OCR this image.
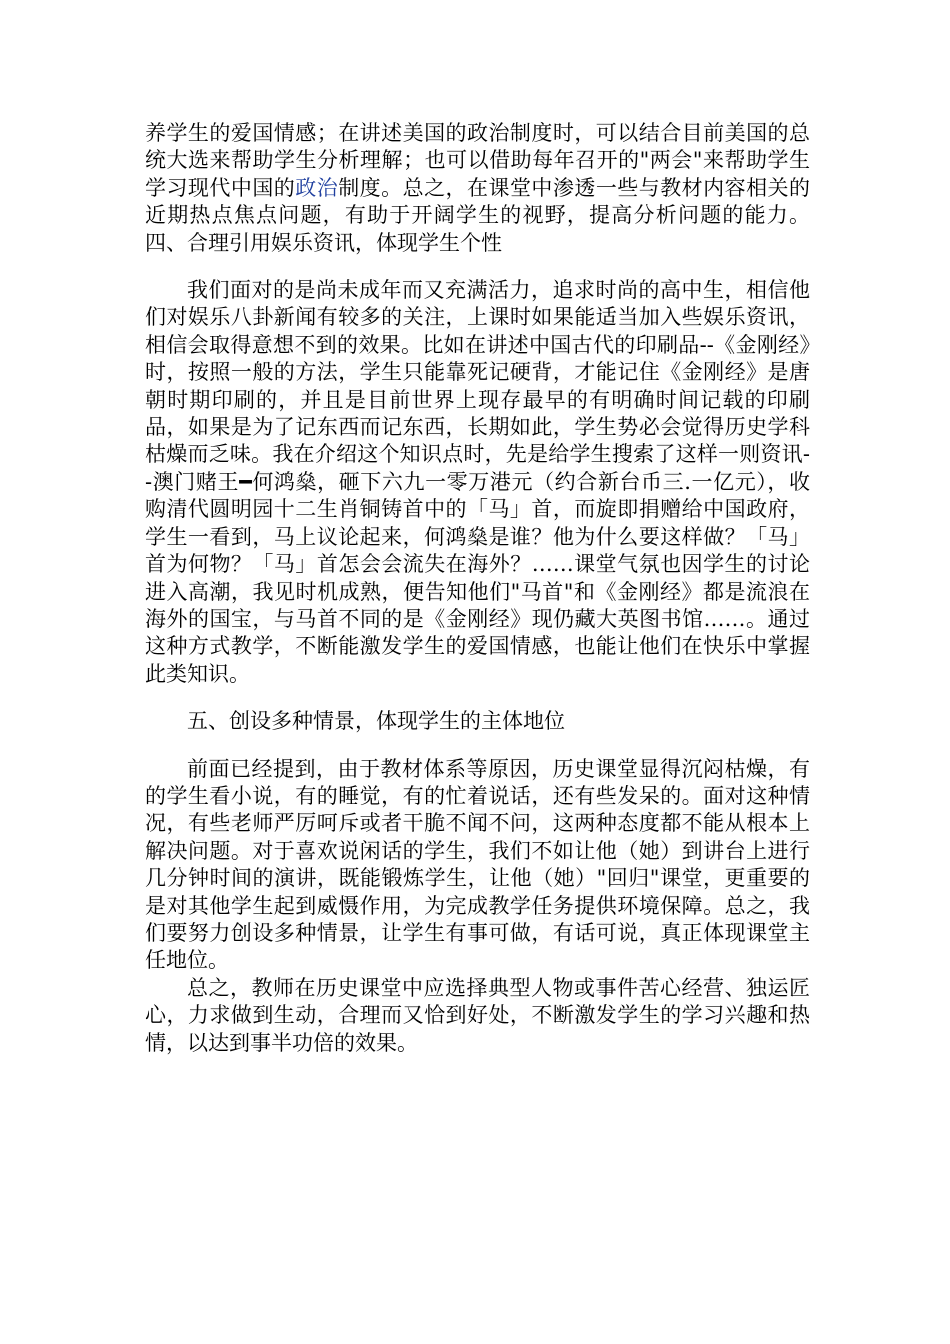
养学生的爱国情感；在讲述美国的政治制度时，可以结合目前美国的总统大选来帮助学生分析理解；也可以借助每年召开的"两会"来帮助学生学习现代中国的政治制度。总之，在课堂中渗透一些与教材内容相关的近期热点焦点问题，有助于开阔学生的视野，提高分析问题的能力。四、合理引用娱乐资讯，体现学生个性

我们面对的是尚未成年而又充满活力，追求时尚的高中生，相信他们对娱乐八卦新闻有较多的关注，上课时如果能适当加入些娱乐资讯，相信会取得意想不到的效果。比如在讲述中国古代的印刷品--《金刚经》时，按照一般的方法，学生只能靠死记硬背，才能记住《金刚经》是唐朝时期印刷的，并且是目前世界上现存最早的有明确时间记载的印刷品，如果是为了记东西而记东西，长期如此，学生势必会觉得历史学科枯燥而乏味。我在介绍这个知识点时，先是给学生搜索了这样一则资讯--澳门赌王━何鸿燊，砸下六九一零万港元（约合新台币三.一亿元），收购清代圆明园十二生肖铜铸首中的「马」首，而旋即捐赠给中国政府，学生一看到，马上议论起来，何鸿燊是谁？他为什么要这样做？「马」首为何物？「马」首怎会会流失在海外？……课堂气氛也因学生的讨论进入高潮，我见时机成熟，便告知他们"马首"和《金刚经》都是流浪在海外的国宝，与马首不同的是《金刚经》现仍藏大英图书馆……。通过这种方式教学，不断能激发学生的爱国情感，也能让他们在快乐中掌握此类知识。

五、创设多种情景，体现学生的主体地位

前面已经提到，由于教材体系等原因，历史课堂显得沉闷枯燥，有的学生看小说，有的睡觉，有的忙着说话，还有些发呆的。面对这种情况，有些老师严厉呵斥或者干脆不闻不问，这两种态度都不能从根本上解决问题。对于喜欢说闲话的学生，我们不如让他（她）到讲台上进行几分钟时间的演讲，既能锻炼学生，让他（她）"回归"课堂，更重要的是对其他学生起到威慑作用，为完成教学任务提供环境保障。总之，我们要努力创设多种情景，让学生有事可做，有话可说，真正体现课堂主任地位。

总之，教师在历史课堂中应选择典型人物或事件苦心经营、独运匠心，力求做到生动，合理而又恰到好处，不断激发学生的学习兴趣和热情，以达到事半功倍的效果。
